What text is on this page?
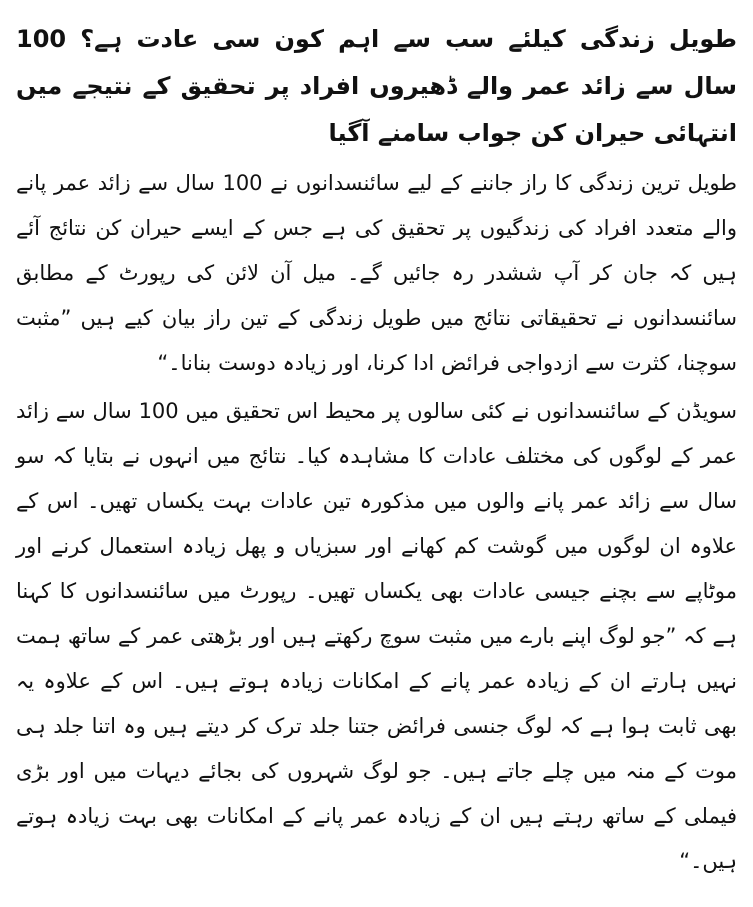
طویل زندگی کیلئے سب سے اہم کون سی عادت ہے؟ 100 سال سے زائد عمر والے ڈھیروں افراد پر تحقیق کے نتیجے میں انتہائی حیران کن جواب سامنے آگیا

طویل ترین زندگی کا راز جاننے کے لیے سائنسدانوں نے 100 سال سے زائد عمر پانے والے متعدد افراد کی زندگیوں پر تحقیق کی ہے جس کے ایسے حیران کن نتائج آئے ہیں کہ جان کر آپ ششدر رہ جائیں گے۔ میل آن لائن کی رپورٹ کے مطابق سائنسدانوں نے تحقیقاتی نتائج میں طویل زندگی کے تین راز بیان کیے ہیں ”مثبت سوچنا، کثرت سے ازدواجی فرائض ادا کرنا، اور زیادہ دوست بنانا۔“

سویڈن کے سائنسدانوں نے کئی سالوں پر محیط اس تحقیق میں 100 سال سے زائد عمر کے لوگوں کی مختلف عادات کا مشاہدہ کیا۔ نتائج میں انہوں نے بتایا کہ سو سال سے زائد عمر پانے والوں میں مذکورہ تین عادات بہت یکساں تھیں۔ اس کے علاوہ ان لوگوں میں گوشت کم کھانے اور سبزیاں و پھل زیادہ استعمال کرنے اور موٹاپے سے بچنے جیسی عادات بھی یکساں تھیں۔ رپورٹ میں سائنسدانوں کا کہنا ہے کہ ”جو لوگ اپنے بارے میں مثبت سوچ رکھتے ہیں اور بڑھتی عمر کے ساتھ ہمت نہیں ہارتے ان کے زیادہ عمر پانے کے امکانات زیادہ ہوتے ہیں۔ اس کے علاوہ یہ بھی ثابت ہوا ہے کہ لوگ جنسی فرائض جتنا جلد ترک کر دیتے ہیں وہ اتنا جلد ہی موت کے منہ میں چلے جاتے ہیں۔ جو لوگ شہروں کی بجائے دیہات میں اور بڑی فیملی کے ساتھ رہتے ہیں ان کے زیادہ عمر پانے کے امکانات بھی بہت زیادہ ہوتے ہیں۔“
